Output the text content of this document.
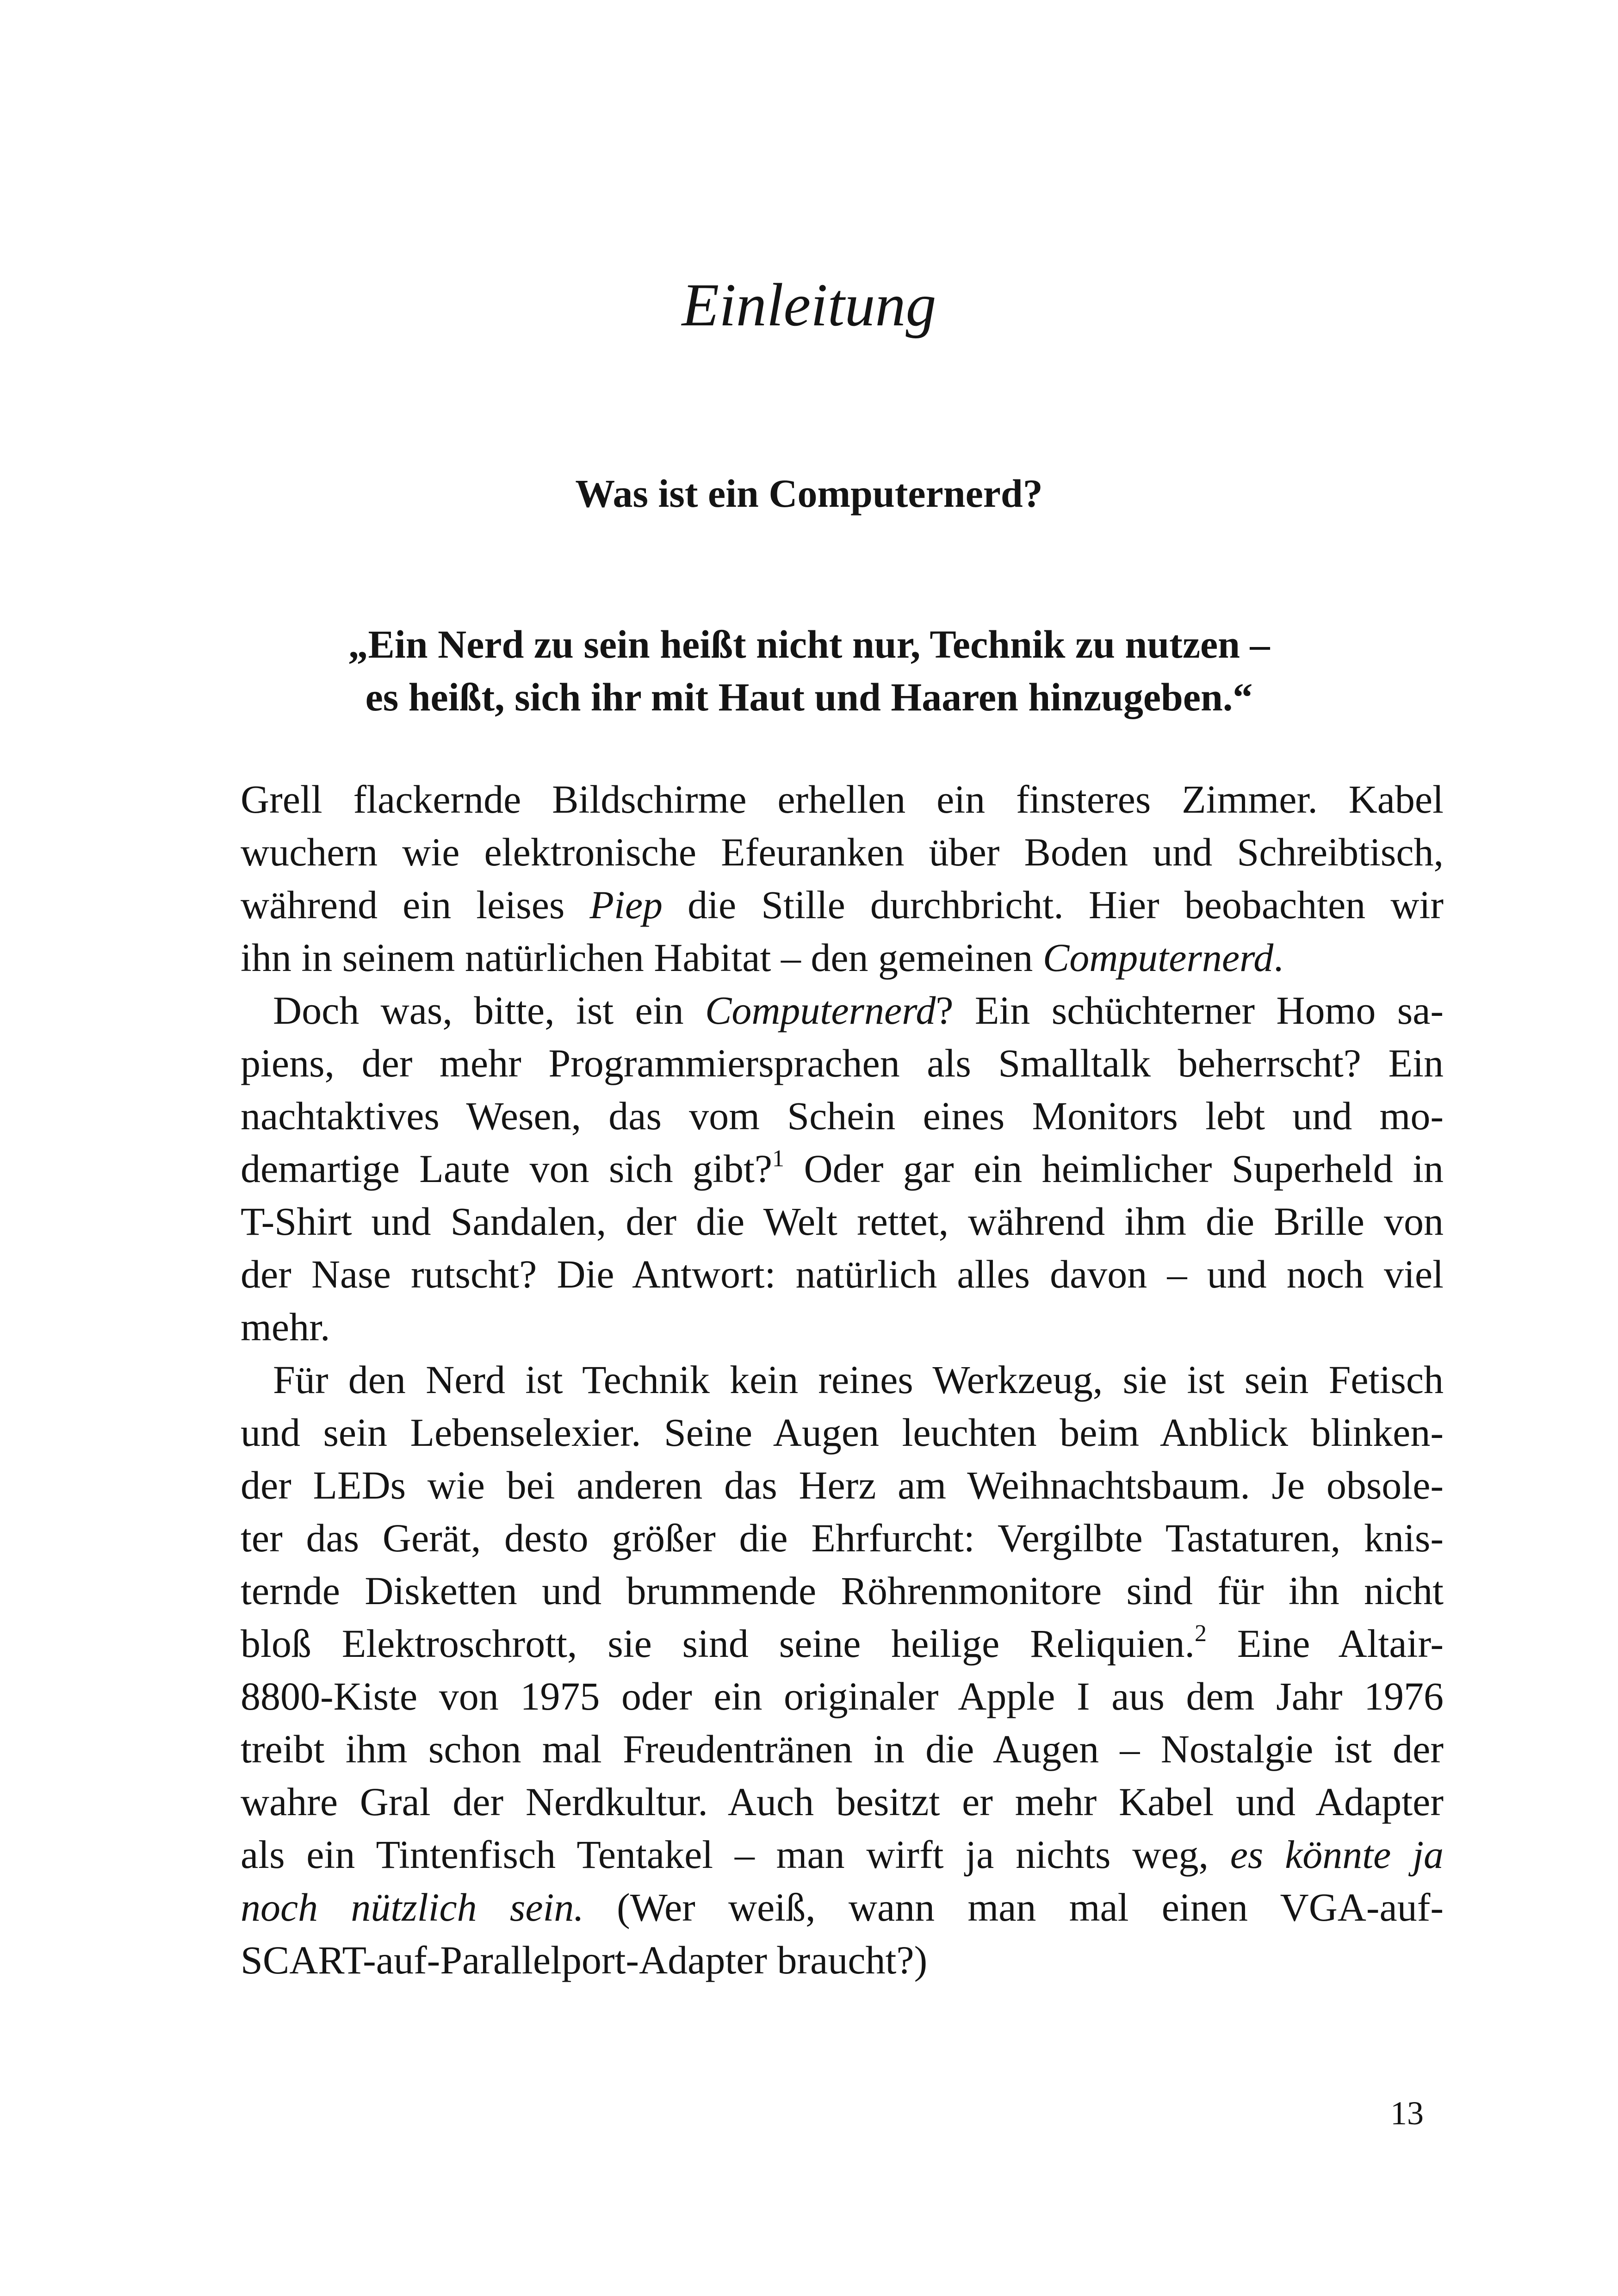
Einleitung
Was ist ein Computernerd?
„Ein Nerd zu sein heißt nicht nur, Technik zu nutzen –
es heißt, sich ihr mit Haut und Haaren hinzugeben.“
Grell flackernde Bildschirme erhellen ein finsteres Zimmer. Kabel
wuchern wie elektronische Efeuranken über Boden und Schreibtisch,
während ein leises Piep die Stille durchbricht. Hier beobachten wir
ihn in seinem natürlichen Habitat – den gemeinen Computernerd.
Doch was, bitte, ist ein Computernerd? Ein schüchterner Homo sa-
piens, der mehr Programmiersprachen als Smalltalk beherrscht? Ein
nachtaktives Wesen, das vom Schein eines Monitors lebt und mo-
demartige Laute von sich gibt?$^1$ Oder gar ein heimlicher Superheld in
T-Shirt und Sandalen, der die Welt rettet, während ihm die Brille von
der Nase rutscht? Die Antwort: natürlich alles davon – und noch viel
mehr.
Für den Nerd ist Technik kein reines Werkzeug, sie ist sein Fetisch
und sein Lebenselexier. Seine Augen leuchten beim Anblick blinken-
der LEDs wie bei anderen das Herz am Weihnachtsbaum. Je obsole-
ter das Gerät, desto größer die Ehrfurcht: Vergilbte Tastaturen, knis-
ternde Disketten und brummende Röhrenmonitore sind für ihn nicht
bloß Elektroschrott, sie sind seine heilige Reliquien.$^2$ Eine Altair-
8800-Kiste von 1975 oder ein originaler Apple I aus dem Jahr 1976
treibt ihm schon mal Freudentränen in die Augen – Nostalgie ist der
wahre Gral der Nerdkultur. Auch besitzt er mehr Kabel und Adapter
als ein Tintenfisch Tentakel – man wirft ja nichts weg, es könnte ja
noch nützlich sein. (Wer weiß, wann man mal einen VGA-auf-
SCART-auf-Parallelport-Adapter braucht?)
13
